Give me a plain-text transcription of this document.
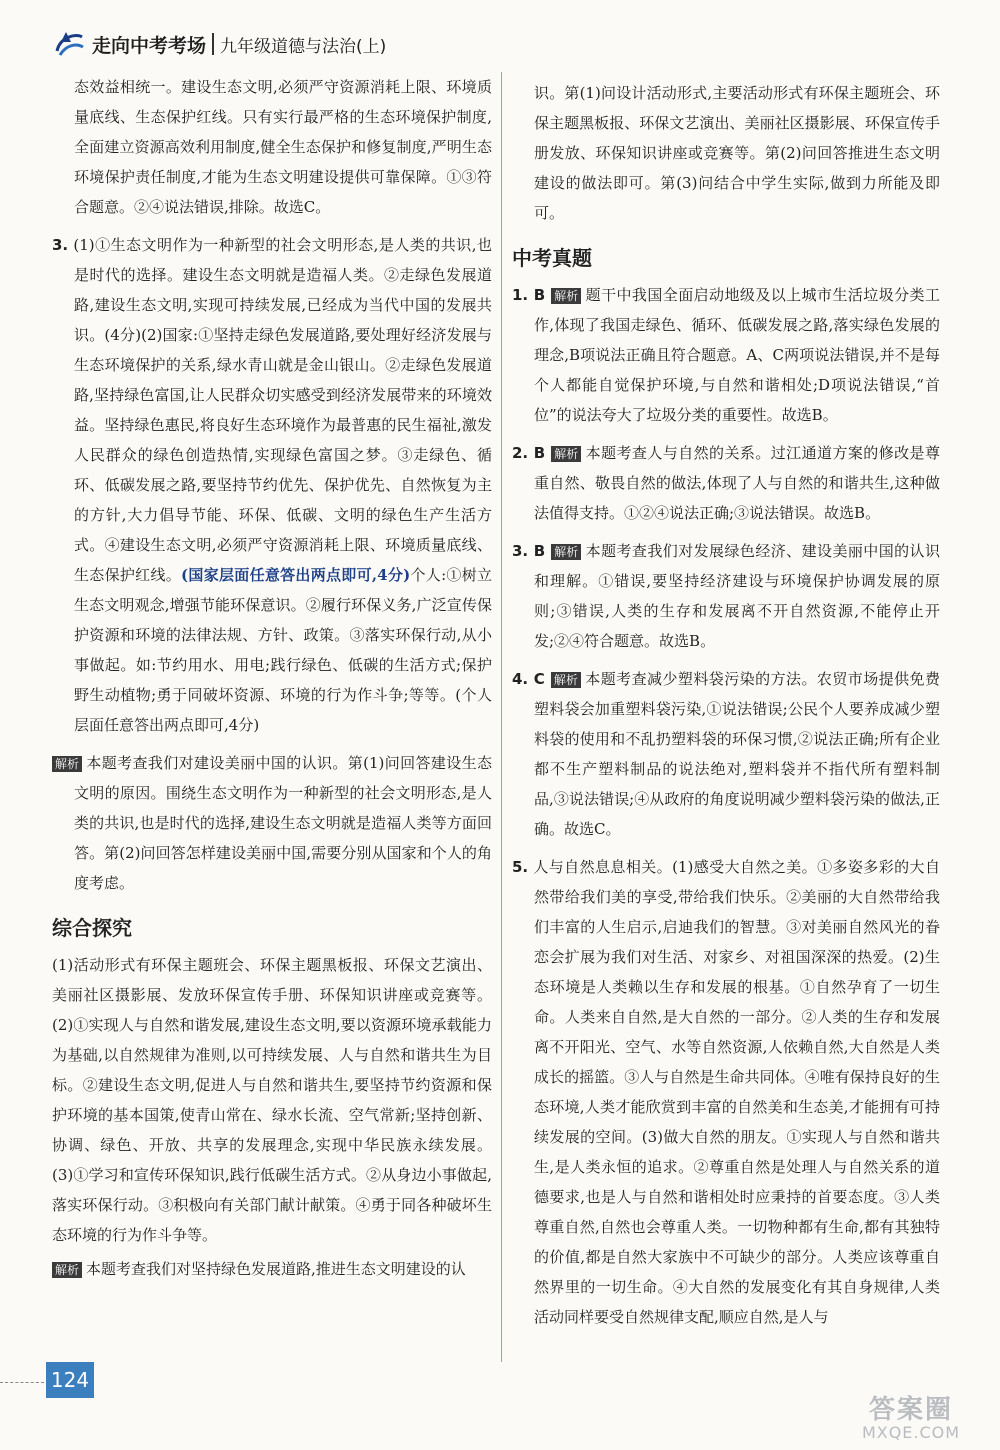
走向中考考场 九年级道德与法治(上)

态效益相统一。建设生态文明,必须严守资源消耗上限、环境质量底线、生态保护红线。只有实行最严格的生态环境保护制度,全面建立资源高效利用制度,健全生态保护和修复制度,严明生态环境保护责任制度,才能为生态文明建设提供可靠保障。①③符合题意。②④说法错误,排除。故选C。

3. (1)①生态文明作为一种新型的社会文明形态,是人类的共识,也是时代的选择。建设生态文明就是造福人类。②走绿色发展道路,建设生态文明,实现可持续发展,已经成为当代中国的发展共识。(4分)(2)国家:①坚持走绿色发展道路,要处理好经济发展与生态环境保护的关系,绿水青山就是金山银山。②走绿色发展道路,坚持绿色富国,让人民群众切实感受到经济发展带来的环境效益。坚持绿色惠民,将良好生态环境作为最普惠的民生福祉,激发人民群众的绿色创造热情,实现绿色富国之梦。③走绿色、循环、低碳发展之路,要坚持节约优先、保护优先、自然恢复为主的方针,大力倡导节能、环保、低碳、文明的绿色生产生活方式。④建设生态文明,必须严守资源消耗上限、环境质量底线、生态保护红线。(国家层面任意答出两点即可,4分)个人:①树立生态文明观念,增强节能环保意识。②履行环保义务,广泛宣传保护资源和环境的法律法规、方针、政策。③落实环保行动,从小事做起。如:节约用水、用电;践行绿色、低碳的生活方式;保护野生动植物;勇于同破坏资源、环境的行为作斗争;等等。(个人层面任意答出两点即可,4分)

解析 本题考查我们对建设美丽中国的认识。第(1)问回答建设生态文明的原因。围绕生态文明作为一种新型的社会文明形态,是人类的共识,也是时代的选择,建设生态文明就是造福人类等方面回答。第(2)问回答怎样建设美丽中国,需要分别从国家和个人的角度考虑。

综合探究

(1)活动形式有环保主题班会、环保主题黑板报、环保文艺演出、美丽社区摄影展、发放环保宣传手册、环保知识讲座或竞赛等。(2)①实现人与自然和谐发展,建设生态文明,要以资源环境承载能力为基础,以自然规律为准则,以可持续发展、人与自然和谐共生为目标。②建设生态文明,促进人与自然和谐共生,要坚持节约资源和保护环境的基本国策,使青山常在、绿水长流、空气常新;坚持创新、协调、绿色、开放、共享的发展理念,实现中华民族永续发展。(3)①学习和宣传环保知识,践行低碳生活方式。②从身边小事做起,落实环保行动。③积极向有关部门献计献策。④勇于同各种破坏生态环境的行为作斗争等。

解析 本题考查我们对坚持绿色发展道路,推进生态文明建设的认

识。第(1)问设计活动形式,主要活动形式有环保主题班会、环保主题黑板报、环保文艺演出、美丽社区摄影展、环保宣传手册发放、环保知识讲座或竞赛等。第(2)问回答推进生态文明建设的做法即可。第(3)问结合中学生实际,做到力所能及即可。

中考真题

1. B 解析 题干中我国全面启动地级及以上城市生活垃圾分类工作,体现了我国走绿色、循环、低碳发展之路,落实绿色发展的理念,B项说法正确且符合题意。A、C两项说法错误,并不是每个人都能自觉保护环境,与自然和谐相处;D项说法错误,“首位”的说法夸大了垃圾分类的重要性。故选B。

2. B 解析 本题考查人与自然的关系。过江通道方案的修改是尊重自然、敬畏自然的做法,体现了人与自然的和谐共生,这种做法值得支持。①②④说法正确;③说法错误。故选B。

3. B 解析 本题考查我们对发展绿色经济、建设美丽中国的认识和理解。①错误,要坚持经济建设与环境保护协调发展的原则;③错误,人类的生存和发展离不开自然资源,不能停止开发;②④符合题意。故选B。

4. C 解析 本题考查减少塑料袋污染的方法。农贸市场提供免费塑料袋会加重塑料袋污染,①说法错误;公民个人要养成减少塑料袋的使用和不乱扔塑料袋的环保习惯,②说法正确;所有企业都不生产塑料制品的说法绝对,塑料袋并不指代所有塑料制品,③说法错误;④从政府的角度说明减少塑料袋污染的做法,正确。故选C。

5. 人与自然息息相关。(1)感受大自然之美。①多姿多彩的大自然带给我们美的享受,带给我们快乐。②美丽的大自然带给我们丰富的人生启示,启迪我们的智慧。③对美丽自然风光的眷恋会扩展为我们对生活、对家乡、对祖国深深的热爱。(2)生态环境是人类赖以生存和发展的根基。①自然孕育了一切生命。人类来自自然,是大自然的一部分。②人类的生存和发展离不开阳光、空气、水等自然资源,人依赖自然,大自然是人类成长的摇篮。③人与自然是生命共同体。④唯有保持良好的生态环境,人类才能欣赏到丰富的自然美和生态美,才能拥有可持续发展的空间。(3)做大自然的朋友。①实现人与自然和谐共生,是人类永恒的追求。②尊重自然是处理人与自然关系的道德要求,也是人与自然和谐相处时应秉持的首要态度。③人类尊重自然,自然也会尊重人类。一切物种都有生命,都有其独特的价值,都是自然大家族中不可缺少的部分。人类应该尊重自然界里的一切生命。④大自然的发展变化有其自身规律,人类活动同样要受自然规律支配,顺应自然,是人与

124
答案圈
MXQE.COM
